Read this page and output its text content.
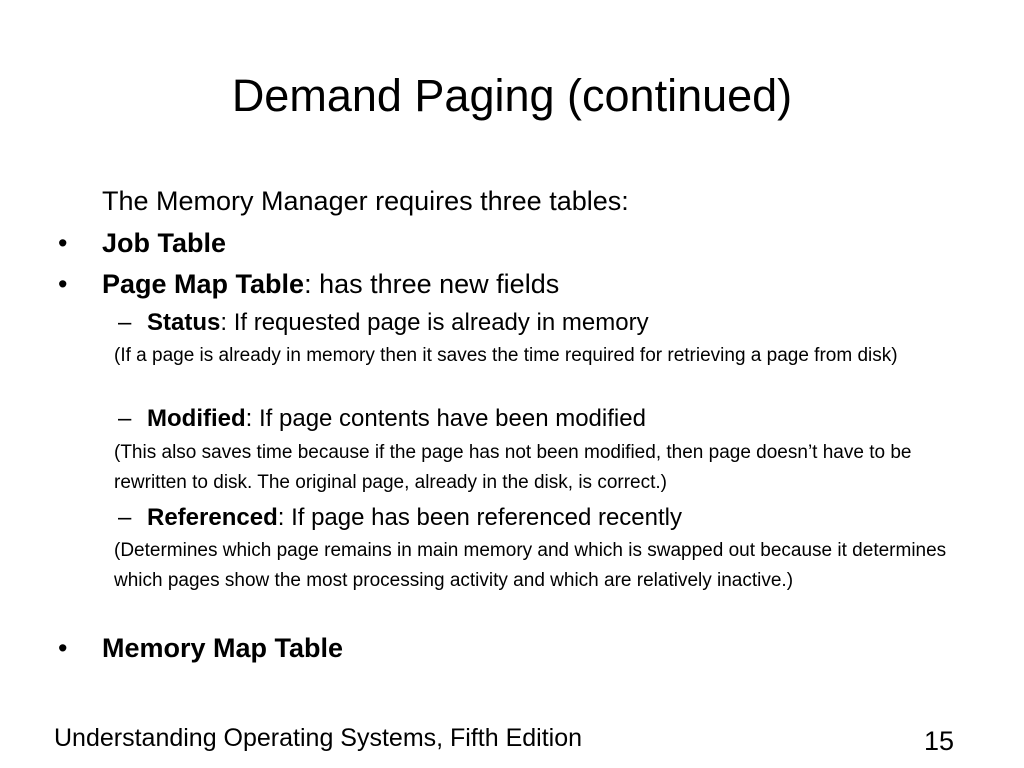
Demand Paging (continued)
The Memory Manager requires three tables:
• Job Table
• Page Map Table: has three new fields
– Status: If requested page is already in memory
(If a page is already in memory then it saves the time required for retrieving a page from disk)
– Modified: If page contents have been modified
(This also saves time because if the page has not been modified, then page doesn’t have to be rewritten to disk. The original page, already in the disk, is correct.)
– Referenced: If page has been referenced recently
(Determines which page remains in main memory and which is swapped out because it determines which pages show the most processing activity and which are relatively inactive.)
• Memory Map Table
Understanding Operating Systems, Fifth Edition	15
